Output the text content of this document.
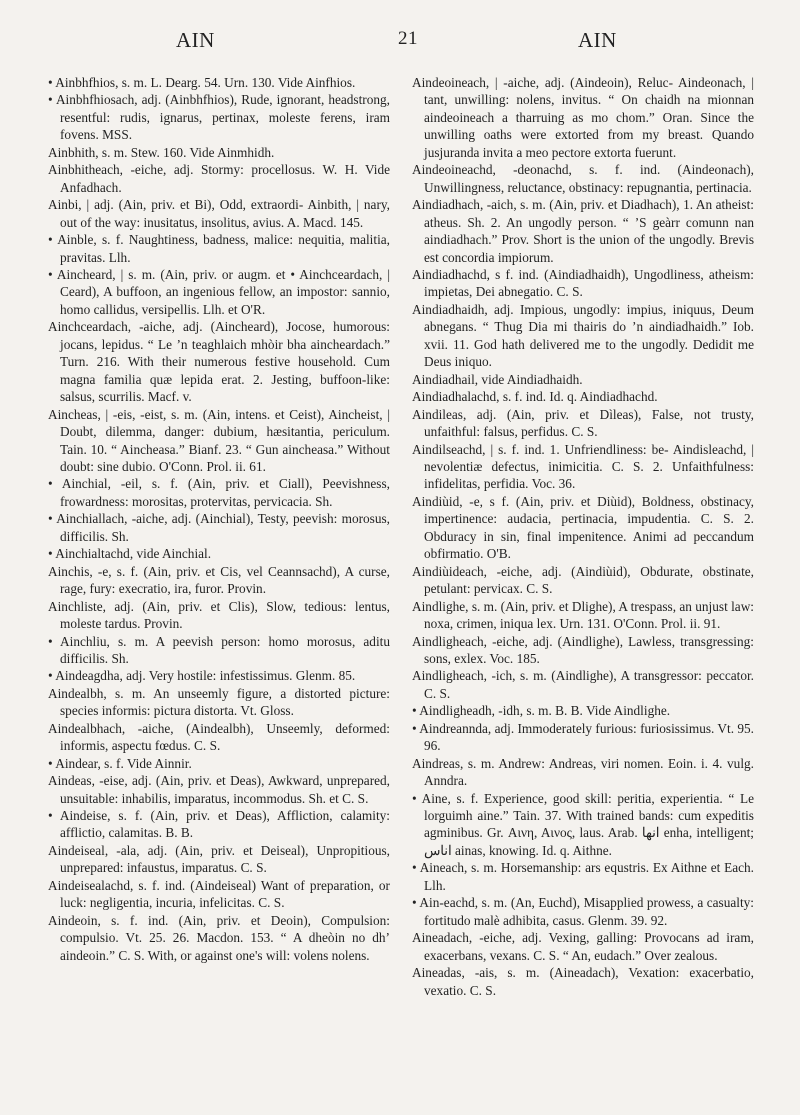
AIN	21	AIN

• Ainbhfhios, s. m. L. Dearg. 54. Urn. 130. Vide Ainfhios.

• Ainbhfhiosach, adj. (Ainbhfhios), Rude, ignorant, headstrong, resentful: rudis, ignarus, pertinax, moleste ferens, iram fovens. MSS.

Ainbhith, s. m. Stew. 160. Vide Ainmhidh.

Ainbhitheach, -eiche, adj. Stormy: procellosus. W. H. Vide Anfadhach.

Ainbi, | adj. (Ain, priv. et Bi), Odd, extraordi- Ainbith, | nary, out of the way: inusitatus, insolitus, avius. A. Macd. 145.

• Ainble, s. f. Naughtiness, badness, malice: nequitia, malitia, pravitas. Llh.

• Aincheard, | s. m. (Ain, priv. or augm. et • Ainchceardach, | Ceard), A buffoon, an ingenious fellow, an impostor: sannio, homo callidus, versipellis. Llh. et O'R.

Ainchceardach, -aiche, adj. (Aincheard), Jocose, humorous: jocans, lepidus. “ Le ’n teaghlaich mhòir bha aincheardach.” Turn. 216. With their numerous festive household. Cum magna familia quæ lepida erat. 2. Jesting, buffoon-like: salsus, scurrilis. Macf. v.

Aincheas, | -eis, -eist, s. m. (Ain, intens. et Ceist), Aincheist, | Doubt, dilemma, danger: dubium, hæsitantia, periculum. Tain. 10. “ Aincheasa.” Bianf. 23. “ Gun aincheasa.” Without doubt: sine dubio. O'Conn. Prol. ii. 61.

• Ainchial, -eil, s. f. (Ain, priv. et Ciall), Peevishness, frowardness: morositas, protervitas, pervicacia. Sh.

• Ainchiallach, -aiche, adj. (Ainchial), Testy, peevish: morosus, difficilis. Sh.

• Ainchialtachd, vide Ainchial.

Ainchis, -e, s. f. (Ain, priv. et Cis, vel Ceannsachd), A curse, rage, fury: execratio, ira, furor. Provin.

Ainchliste, adj. (Ain, priv. et Clis), Slow, tedious: lentus, moleste tardus. Provin.

• Ainchliu, s. m. A peevish person: homo morosus, aditu difficilis. Sh.

• Aindeagdha, adj. Very hostile: infestissimus. Glenm. 85.

Aindealbh, s. m. An unseemly figure, a distorted picture: species informis: pictura distorta. Vt. Gloss.

Aindealbhach, -aiche, (Aindealbh), Unseemly, deformed: informis, aspectu fœdus. C. S.

• Aindear, s. f. Vide Ainnir.

Aindeas, -eise, adj. (Ain, priv. et Deas), Awkward, unprepared, unsuitable: inhabilis, imparatus, incommodus. Sh. et C. S.

• Aindeise, s. f. (Ain, priv. et Deas), Affliction, calamity: afflictio, calamitas. B. B.

Aindeiseal, -ala, adj. (Ain, priv. et Deiseal), Unpropitious, unprepared: infaustus, imparatus. C. S.

Aindeisealachd, s. f. ind. (Aindeiseal) Want of preparation, or luck: negligentia, incuria, infelicitas. C. S.

Aindeoin, s. f. ind. (Ain, priv. et Deoin), Compulsion: compulsio. Vt. 25. 26. Macdon. 153. “ A dheòin no dh’ aindeoin.” C. S. With, or against one's will: volens nolens.

Aindeoineach, | -aiche, adj. (Aindeoin), Reluc- Aindeonach, | tant, unwilling: nolens, invitus. “ On chaidh na mionnan aindeoineach a tharruing as mo chom.” Oran. Since the unwilling oaths were extorted from my breast. Quando jusjuranda invita a meo pectore extorta fuerunt.

Aindeoineachd, -deonachd, s. f. ind. (Aindeonach), Unwillingness, reluctance, obstinacy: repugnantia, pertinacia.

Aindiadhach, -aich, s. m. (Ain, priv. et Diadhach), 1. An atheist: atheus. Sh. 2. An ungodly person. “ ’S geàrr comunn nan aindiadhach.” Prov. Short is the union of the ungodly. Brevis est concordia impiorum.

Aindiadhachd, s f. ind. (Aindiadhaidh), Ungodliness, atheism: impietas, Dei abnegatio. C. S.

Aindiadhaidh, adj. Impious, ungodly: impius, iniquus, Deum abnegans. “ Thug Dia mi thairis do ’n aindiadhaidh.” Iob. xvii. 11. God hath delivered me to the ungodly. Dedidit me Deus iniquo.

Aindiadhail, vide Aindiadhaidh.

Aindiadhalachd, s. f. ind. Id. q. Aindiadhachd.

Aindileas, adj. (Ain, priv. et Dìleas), False, not trusty, unfaithful: falsus, perfidus. C. S.

Aindilseachd, | s. f. ind. 1. Unfriendliness: be- Aindisleachd, | nevolentiæ defectus, inimicitia. C. S. 2. Unfaithfulness: infidelitas, perfidia. Voc. 36.

Aindiùid, -e, s f. (Ain, priv. et Diùid), Boldness, obstinacy, impertinence: audacia, pertinacia, impudentia. C. S. 2. Obduracy in sin, final impenitence. Animi ad peccandum obfirmatio. O'B.

Aindiùideach, -eiche, adj. (Aindiùid), Obdurate, obstinate, petulant: pervicax. C. S.

Aindlighe, s. m. (Ain, priv. et Dlighe), A trespass, an unjust law: noxa, crimen, iniqua lex. Urn. 131. O'Conn. Prol. ii. 91.

Aindligheach, -eiche, adj. (Aindlighe), Lawless, transgressing: sons, exlex. Voc. 185.

Aindligheach, -ich, s. m. (Aindlighe), A transgressor: peccator. C. S.

• Aindligheadh, -idh, s. m. B. B. Vide Aindlighe.

• Aindreannda, adj. Immoderately furious: furiosissimus. Vt. 95. 96.

Aindreas, s. m. Andrew: Andreas, viri nomen. Eoin. i. 4. vulg. Anndra.

• Aine, s. f. Experience, good skill: peritia, experientia. “ Le lorguimh aine.” Tain. 37. With trained bands: cum expeditis agminibus. Gr. Αινη, Αινος, laus. Arab. انها enha, intelligent; اناس ainas, knowing. Id. q. Aithne.

• Aineach, s. m. Horsemanship: ars equstris. Ex Aithne et Each. Llh.

• Ain-eachd, s. m. (An, Euchd), Misapplied prowess, a casualty: fortitudo malè adhibita, casus. Glenm. 39. 92.

Aineadach, -eiche, adj. Vexing, galling: Provocans ad iram, exacerbans, vexans. C. S. “ An, eudach.” Over zealous.

Aineadas, -ais, s. m. (Aineadach), Vexation: exacerbatio, vexatio. C. S.
